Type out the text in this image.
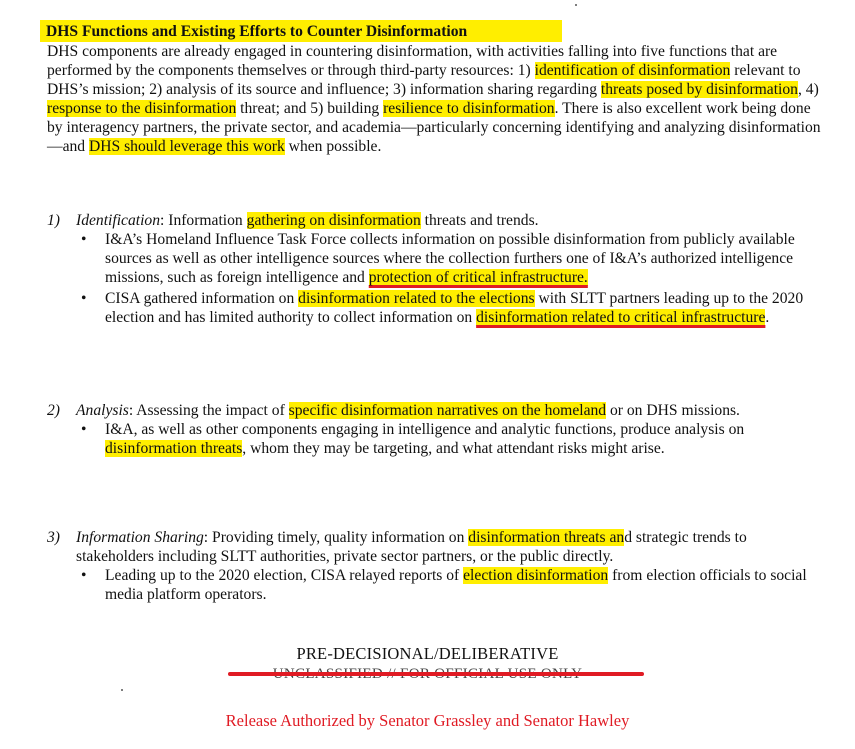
DHS Functions and Existing Efforts to Counter Disinformation
DHS components are already engaged in countering disinformation, with activities falling into five functions that are performed by the components themselves or through third-party resources: 1) identification of disinformation relevant to DHS’s mission; 2) analysis of its source and influence; 3) information sharing regarding threats posed by disinformation, 4) response to the disinformation threat; and 5) building resilience to disinformation. There is also excellent work being done by interagency partners, the private sector, and academia—particularly concerning identifying and analyzing disinformation—and DHS should leverage this work when possible.
1)	Identification: Information gathering on disinformation threats and trends.
• I&A’s Homeland Influence Task Force collects information on possible disinformation from publicly available sources as well as other intelligence sources where the collection furthers one of I&A’s authorized intelligence missions, such as foreign intelligence and protection of critical infrastructure.
• CISA gathered information on disinformation related to the elections with SLTT partners leading up to the 2020 election and has limited authority to collect information on disinformation related to critical infrastructure.
2)	Analysis: Assessing the impact of specific disinformation narratives on the homeland or on DHS missions.
• I&A, as well as other components engaging in intelligence and analytic functions, produce analysis on disinformation threats, whom they may be targeting, and what attendant risks might arise.
3)	Information Sharing: Providing timely, quality information on disinformation threats and strategic trends to stakeholders including SLTT authorities, private sector partners, or the public directly.
• Leading up to the 2020 election, CISA relayed reports of election disinformation from election officials to social media platform operators.
PRE-DECISIONAL/DELIBERATIVE
Release Authorized by Senator Grassley and Senator Hawley
